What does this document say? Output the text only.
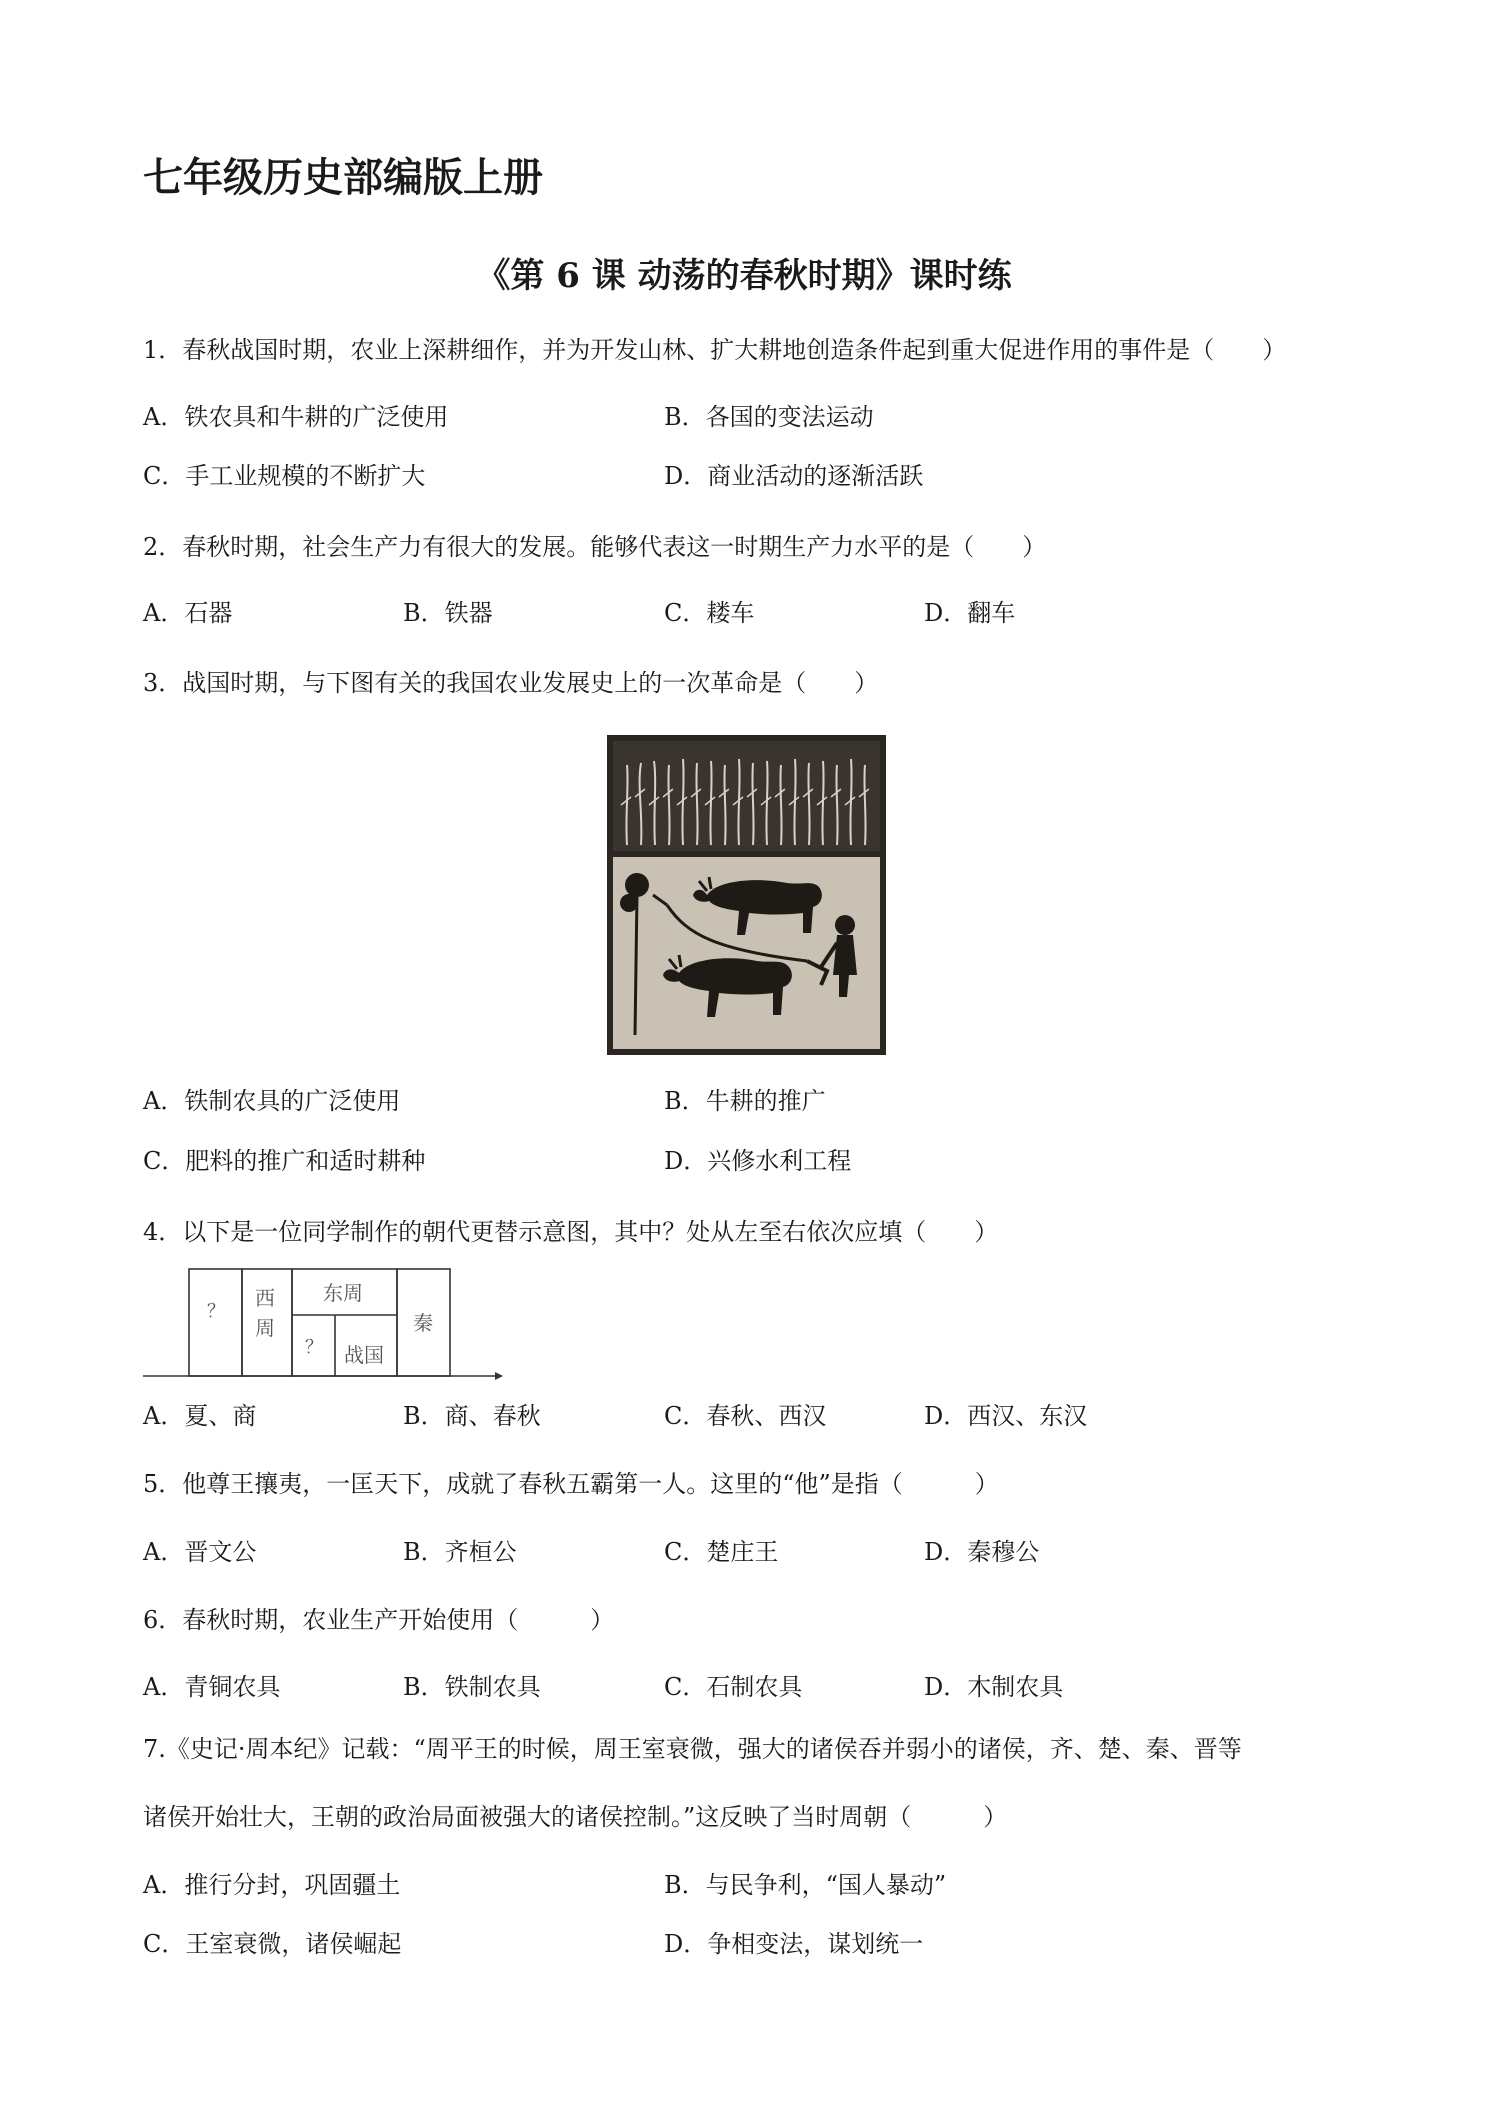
七年级历史部编版上册
《第 6 课 动荡的春秋时期》课时练
1．春秋战国时期，农业上深耕细作，并为开发山林、扩大耕地创造条件起到重大促进作用的事件是（　　）
A．铁农具和牛耕的广泛使用	B．各国的变法运动
C．手工业规模的不断扩大	D．商业活动的逐渐活跃
2．春秋时期，社会生产力有很大的发展。能够代表这一时期生产力水平的是（　　）
A．石器	B．铁器	C．耧车	D．翻车
3．战国时期，与下图有关的我国农业发展史上的一次革命是（　　）
A．铁制农具的广泛使用	B．牛耕的推广
C．肥料的推广和适时耕种	D．兴修水利工程
4．以下是一位同学制作的朝代更替示意图，其中？处从左至右依次应填（　　）
？
西周
东周
？ 战国
秦
A．夏、商	B．商、春秋	C．春秋、西汉	D．西汉、东汉
5．他尊王攘夷，一匡天下，成就了春秋五霸第一人。这里的“他”是指（　　　）
A．晋文公	B．齐桓公	C．楚庄王	D．秦穆公
6．春秋时期，农业生产开始使用（　　　）
A．青铜农具	B．铁制农具	C．石制农具	D．木制农具
7.《史记·周本纪》记载：“周平王的时候，周王室衰微，强大的诸侯吞并弱小的诸侯，齐、楚、秦、晋等
诸侯开始壮大，王朝的政治局面被强大的诸侯控制。”这反映了当时周朝（　　　）
A．推行分封，巩固疆土	B．与民争利，“国人暴动”
C．王室衰微，诸侯崛起	D．争相变法，谋划统一
